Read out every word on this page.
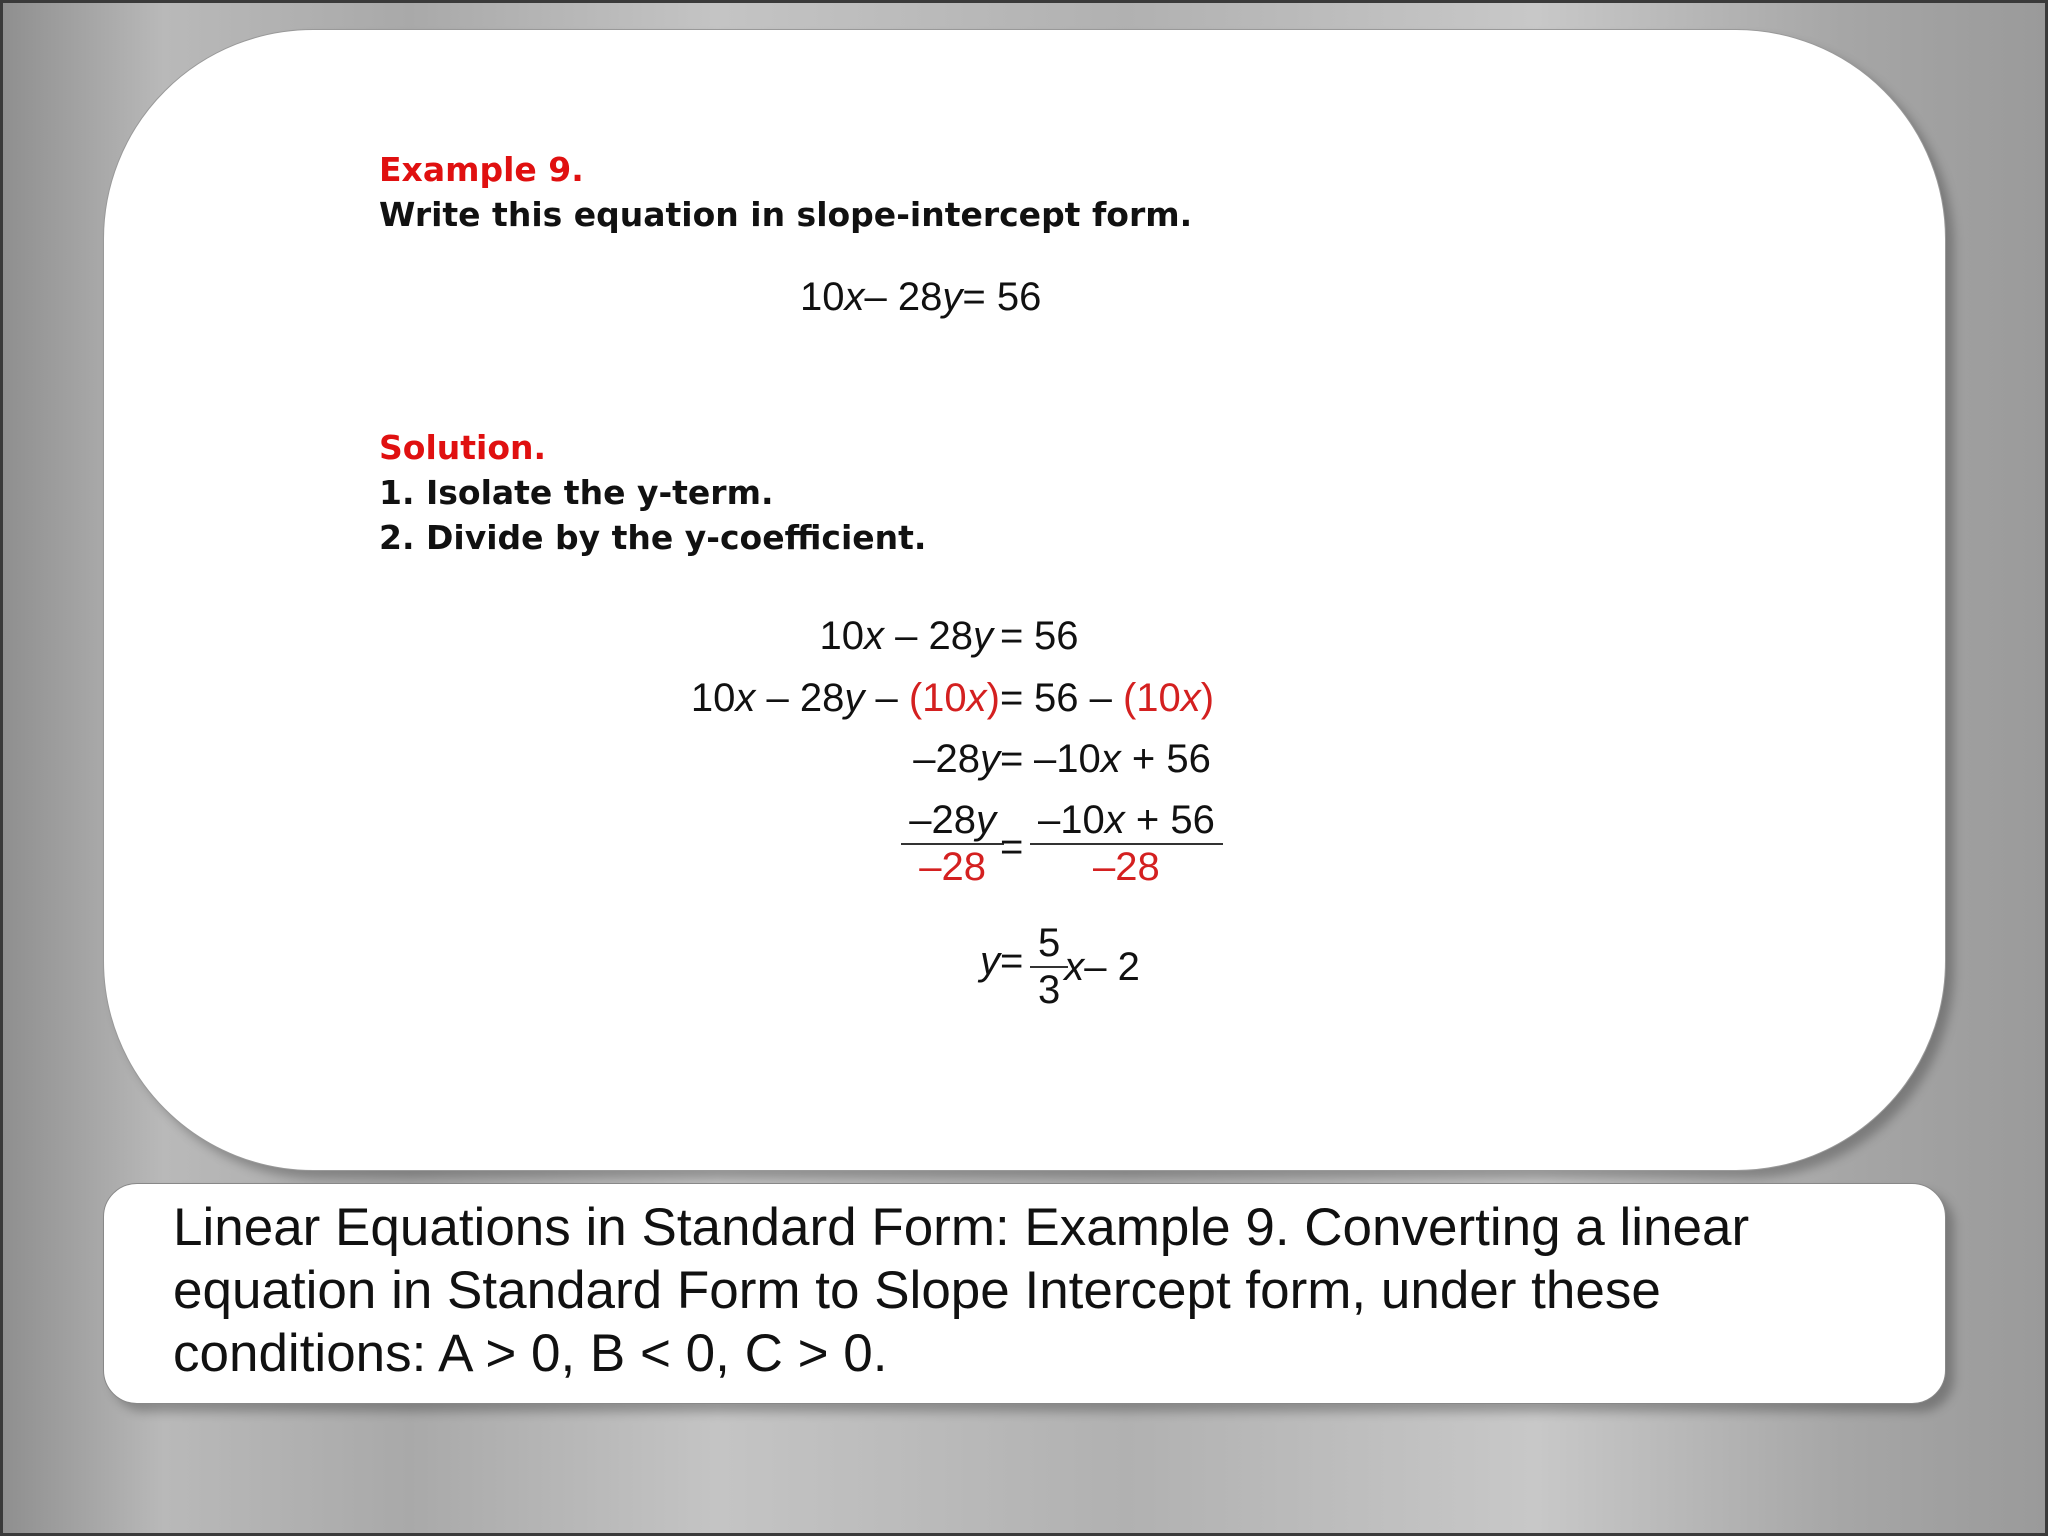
Example 9.
Write this equation in slope-intercept form.
10 x – 28 y = 56
Solution.
1. Isolate the y-term.
2. Divide by the y-coefficient.
10x – 28y = 56
10x – 28y – (10x) = 56 – (10x)
–28y = –10x + 56
$\frac{-28y}{-28} = \frac{-10x + 56}{-28}$
$y = \frac{5}{3}$ x – 2
Linear Equations in Standard Form: Example 9. Converting a linear equation in Standard Form to Slope Intercept form, under these conditions: A > 0, B < 0, C > 0.
